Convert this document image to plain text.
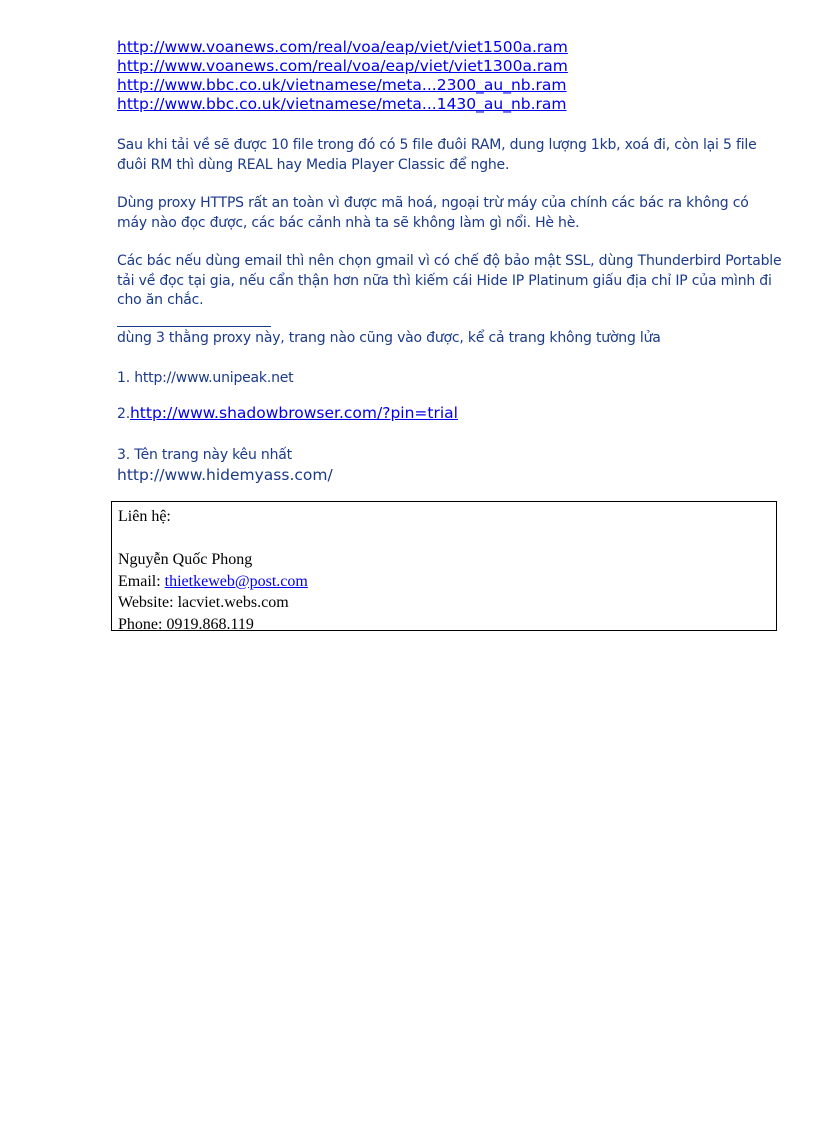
http://www.voanews.com/real/voa/eap/viet/viet1500a.ram
http://www.voanews.com/real/voa/eap/viet/viet1300a.ram
http://www.bbc.co.uk/vietnamese/meta...2300_au_nb.ram
http://www.bbc.co.uk/vietnamese/meta...1430_au_nb.ram

Sau khi tải về sẽ được 10 file trong đó có 5 file đuôi RAM, dung lượng 1kb, xoá đi, còn lại 5 file đuôi RM thì dùng REAL hay Media Player Classic để nghe.

Dùng proxy HTTPS rất an toàn vì được mã hoá, ngoại trừ máy của chính các bác ra không có máy nào đọc được, các bác cảnh nhà ta sẽ không làm gì nổi. Hè hè.

Các bác nếu dùng email thì nên chọn gmail vì có chế độ bảo mật SSL, dùng Thunderbird Portable tải về đọc tại gia, nếu cẩn thận hơn nữa thì kiếm cái Hide IP Platinum giấu địa chỉ IP của mình đi cho ăn chắc.

dùng 3 thằng proxy này, trang nào cũng vào được, kể cả trang không tường lửa

1. http://www.unipeak.net

2.http://www.shadowbrowser.com/?pin=trial

3. Tên trang này kêu nhất
http://www.hidemyass.com/

Liên hệ:
Nguyễn Quốc Phong
Email: thietkeweb@post.com
Website: lacviet.webs.com
Phone: 0919.868.119
